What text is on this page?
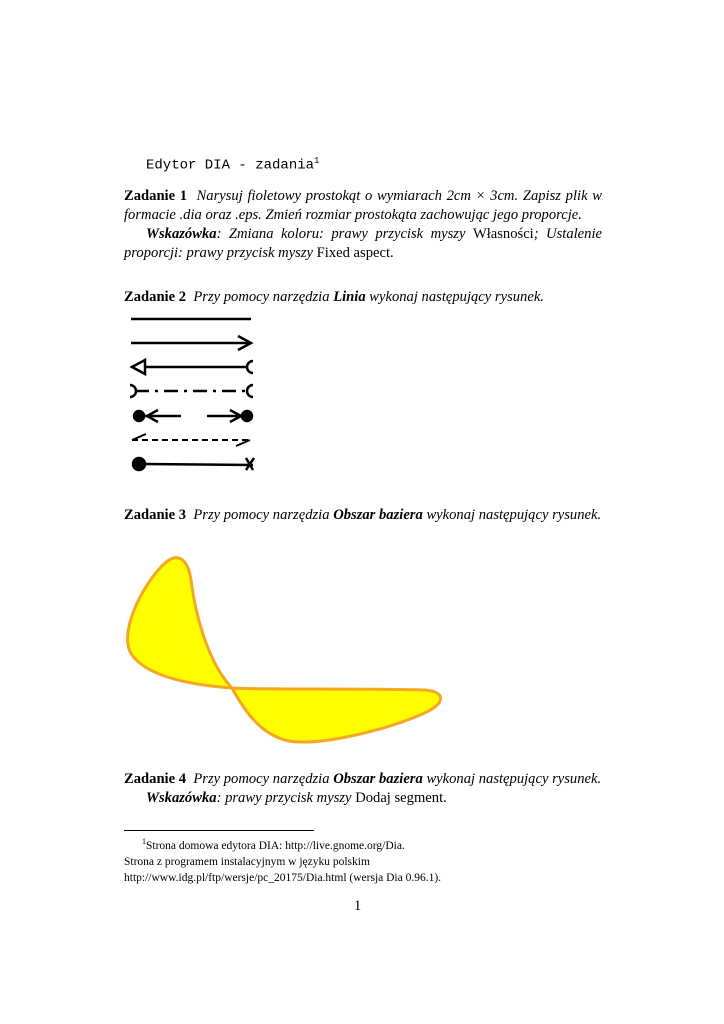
Edytor DIA - zadania$^1$
Zadanie 1 Narysuj fioletowy prostokąt o wymiarach 2cm × 3cm. Zapisz plik w formacie .dia oraz .eps. Zmień rozmiar prostokąta zachowując jego proporcje.
Wskazówka: Zmiana koloru: prawy przycisk myszy Własności; Ustalenie proporcji: prawy przycisk myszy Fixed aspect.
Zadanie 2 Przy pomocy narzędzia Linia wykonaj następujący rysunek.
Zadanie 3 Przy pomocy narzędzia Obszar baziera wykonaj następujący rysunek.
Zadanie 4 Przy pomocy narzędzia Obszar baziera wykonaj następujący rysunek.
Wskazówka: prawy przycisk myszy Dodaj segment.
$^1$Strona domowa edytora DIA: http://live.gnome.org/Dia.
Strona z programem instalacyjnym w języku polskim
http://www.idg.pl/ftp/wersje/pc_20175/Dia.html (wersja Dia 0.96.1).
1
